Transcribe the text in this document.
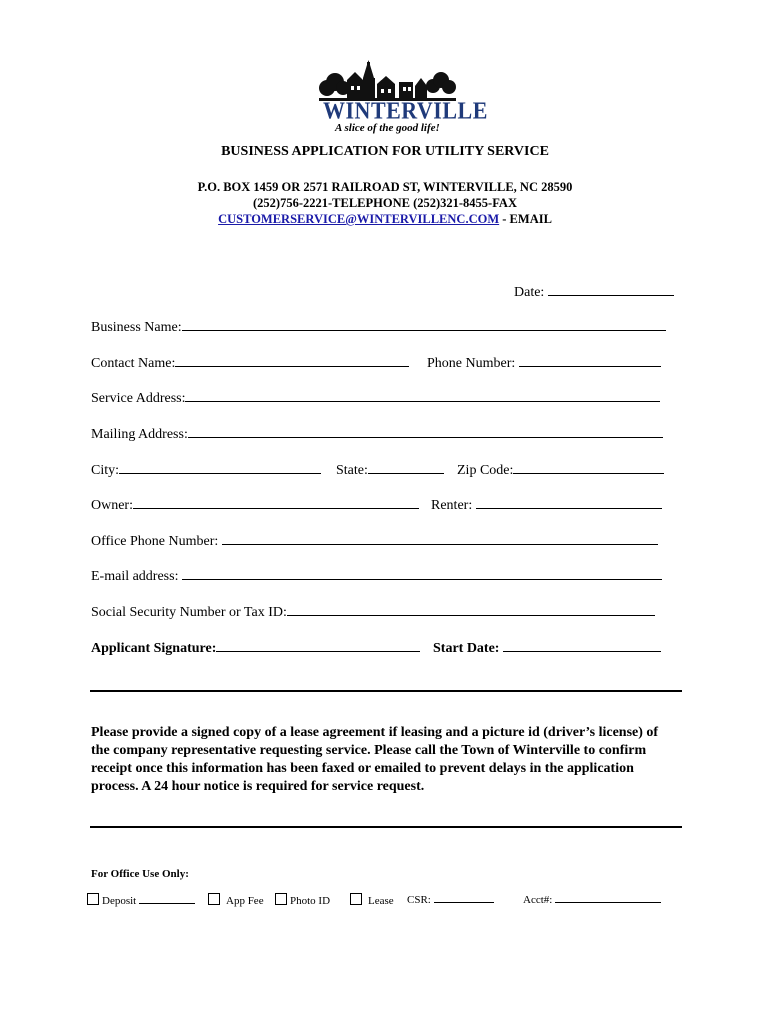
WINTERVILLE
A slice of the good life!
BUSINESS APPLICATION FOR UTILITY SERVICE
P.O. BOX 1459 OR 2571 RAILROAD ST, WINTERVILLE, NC 28590
(252)756-2221-TELEPHONE (252)321-8455-FAX
CUSTOMERSERVICE@WINTERVILLENC.COM - EMAIL
Date:
Business Name:
Contact Name:	Phone Number:
Service Address:
Mailing Address:
City:	State:	Zip Code:
Owner:	Renter:
Office Phone Number:
E-mail address:
Social Security Number or Tax ID:
Applicant Signature:	Start Date:
Please provide a signed copy of a lease agreement if leasing and a picture id (driver’s license) of the company representative requesting service. Please call the Town of Winterville to confirm receipt once this information has been faxed or emailed to prevent delays in the application process. A 24 hour notice is required for service request.
For Office Use Only:
Deposit	App Fee	Photo ID	Lease CSR:	Acct#:
